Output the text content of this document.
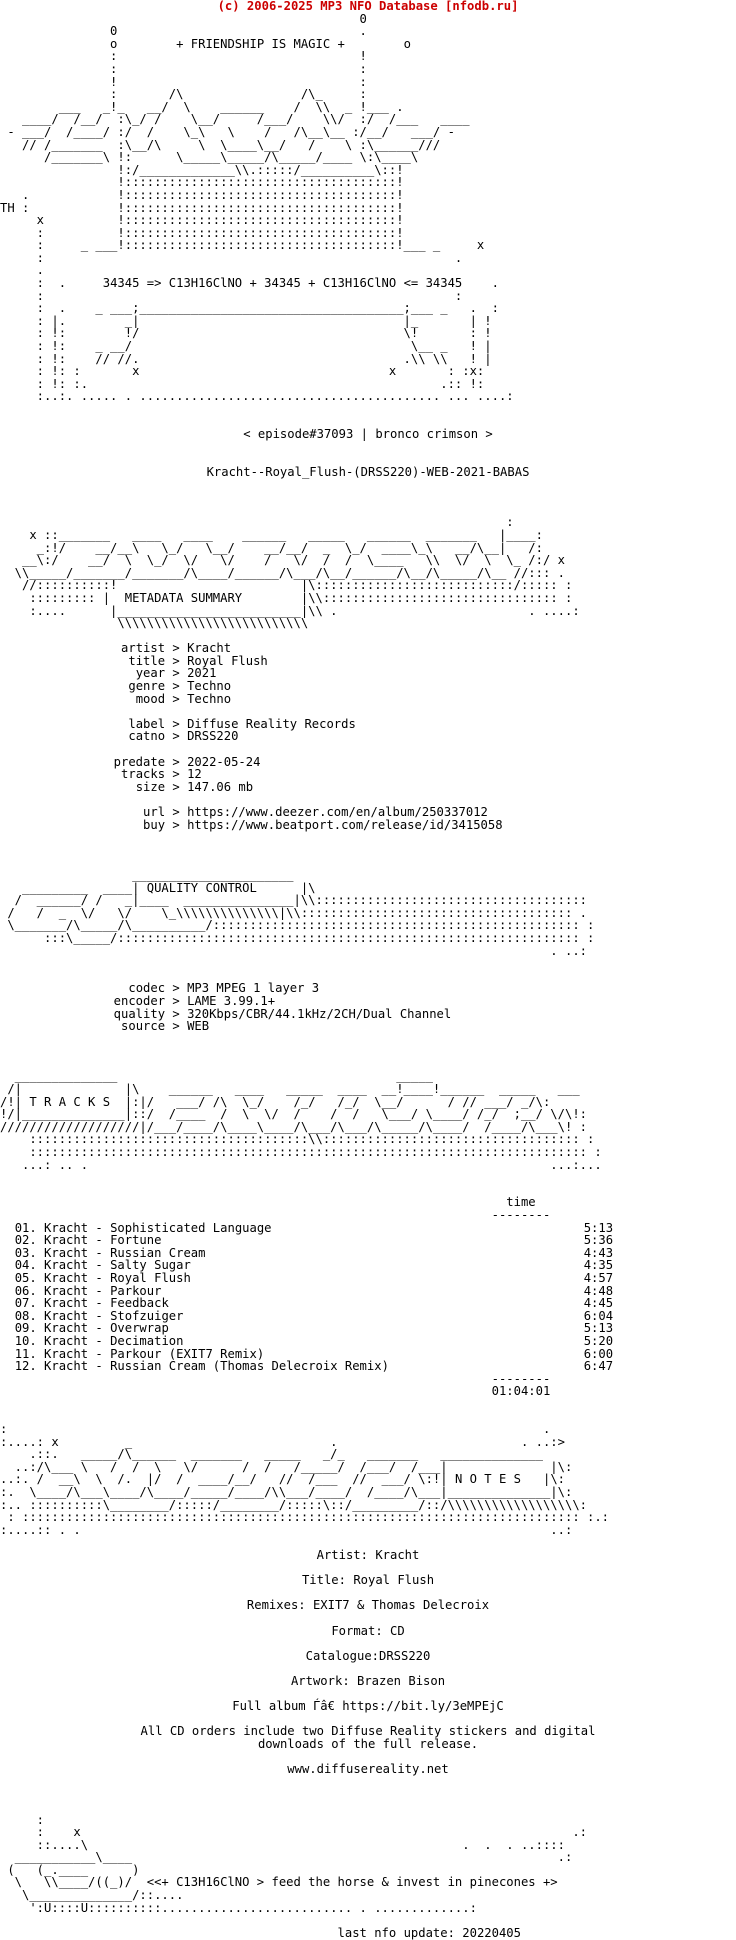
(c) 2006-2025 MP3 NFO Database [nfodb.ru]
0
0                                 .
o        + FRIENDSHIP IS MAGIC +        o
:                                 !
:                                 :
!                                 :
:       /\                /\_     :
___   _!_   __/  \    ______    /  \\  _ !___ .
____/  /__/  :\_/ /    \__/     /___/    \\/  :/  /___   ____
- ___/  /____/ :/  /    \_\   \    /   /\__\__ :/__/   ___/ -
// /_______  :\__/\     \  \____\__/   /    \ :\______///
/_______\ !:      \_____\_____/\_____/____ \:\____\
!:/_____________\\.:::::/__________\::!
!:::::::::::::::::::::::::::::::::::::!
.            !:::::::::::::::::::::::::::::::::::::!
TH :            !:::::::::::::::::::::::::::::::::::::!
x          !:::::::::::::::::::::::::::::::::::::!
:          !:::::::::::::::::::::::::::::::::::::!
:     _ ___!:::::::::::::::::::::::::::::::::::::!___ _     x
:                                                        .
.
:  .     34345 => C13H16ClNO + 34345 + C13H16ClNO <= 34345    .
:                                                        :
:  .    _ ___;____________________________________;___ _   .  :
: |.        _|                                    |_       | !
: !:        !/                                    \!       : !
: !:    _ __/                                      \__ _   ! |
: !:    // //.                                    .\\ \\   ! |
: !: :       x                                  x       : :x:
: !: :.                                                .:: !:
:..:. ..... . ......................................... ... ....:
< episode#37093 | bronco crimson >
Kracht--Royal_Flush-(DRSS220)-WEB-2021-BABAS
:
x ::_______   ____   ____    ______   _____   ______  _______   |____:
_:!/    __/__\   \_/   \__/    __/__/  _  \_/  ____\_\   __/\__|   /:
__\:/    __/  \  \_/  \/   \/    /   \/  /  /  \____   \\  \/  \  \_ /:/ x
\\_____/_______/_______/\____/______/\___/\__/______/\__/\_____/\__ //::: .
//::::::::::!                         |\:::::::::::::::::::::::::::/::::: :
::::::::: |  METADATA SUMMARY        |\\:::::::::::::::::::::::::::::::: :
:....      |_________________________|\\ .                          . ....:
\\\\\\\\\\\\\\\\\\\\\\\\\\
artist > Kracht
title > Royal Flush
year > 2021
genre > Techno
mood > Techno
label > Diffuse Reality Records
catno > DRSS220
predate > 2022-05-24
tracks > 12
size > 147.06 mb
url > https://www.deezer.com/en/album/250337012
buy > https://www.beatport.com/release/id/3415058
______________________
_________  ____| QUALITY CONTROL      |\
/  ______/ /   _|____  _______________|\\:::::::::::::::::::::::::::::::::::::
/   /  _  \/   \/    \_\\\\\\\\\\\\\\|\\::::::::::::::::::::::::::::::::::::: .
\_______/\_____/\__________/:::::::::::::::::::::::::::::::::::::::::::::::::: :
:::\_____/::::::::::::::::::::::::::::::::::::::::::::::::::::::::::::::: :
. ..:
codec > MP3 MPEG 1 layer 3
encoder > LAME 3.99.1+
quality > 320Kbps/CBR/44.1kHz/2CH/Dual Channel
source > WEB
______________                                      _____
/|              |\    ______   ____   _____  ____  __!____!______  _____   ___
/!| T R A C K S  |:|/   ___/ /\  \_/    /_/   /_/  \__/      / // ___/ _/\:
!/|______________|::/  /____  /  \  \/  /    /  /   \___/ \____/ /_/  ;__/ \/\!:
///////////////////|/___/____/\____\____/\___/\___/\_____/\____/  /____/\___\! :
::::::::::::::::::::::::::::::::::::::\\::::::::::::::::::::::::::::::::::: :
:::::::::::::::::::::::::::::::::::::::::::::::::::::::::::::::::::::::::::: :
...: .. .                                                               ...:...
time
--------
01. Kracht - Sophisticated Language	5:13
02. Kracht - Fortune	5:36
03. Kracht - Russian Cream	4:43
04. Kracht - Salty Sugar	4:35
05. Kracht - Royal Flush	4:57
06. Kracht - Parkour	4:48
07. Kracht - Feedback	4:45
08. Kracht - Stofzuiger	6:04
09. Kracht - Overwrap	5:13
10. Kracht - Decimation	5:20
11. Kracht - Parkour (EXIT7 Remix)	6:00
12. Kracht - Russian Cream (Thomas Delecroix Remix)	6:47
--------
01:04:01
:                                                                         .
:....: x         _                           .                         . ..:>
.::.   _____/\______  _______   _____   _/_   _______   ______________
..:/\___ \   /  /  \   \/      /  /   /_____/  /___/  /___|              |\:
..:. /  __\  \  /.  |/  /  ____/__/   //  /___  //  ___/ \:!| N O T E S   |\:
:.  \____/\___\____/\____/_____/____/\\___/____/  /____/\___|______________|\:
:.. ::::::::::\________/:::::/________/:::::\::/_________/::/\\\\\\\\\\\\\\\\\\:
: :::::::::::::::::::::::::::::::::::::::::::::::::::::::::::::::::::::::::::: :.:
:....:: . .                                                                ..:
Artist: Kracht
Title: Royal Flush
Remixes: EXIT7 & Thomas Delecroix
Format: CD
Catalogue:DRSS220
Artwork: Brazen Bison
Full album Ѓâ€ https://bit.ly/3eMPEjC
All CD orders include two Diffuse Reality stickers and digital
downloads of the full release.
www.diffusereality.net
:
:    x                                                                   .:
::....\                                                   .  .  . ..::::
___________\____                                                          .:
(   (_.____      )
\   \\____/((_)/  <<+ C13H16ClNO > feed the horse & invest in pinecones +>
\______________/::....
':U::::U::::::::::.......................... . .............:
last nfo update: 20220405
